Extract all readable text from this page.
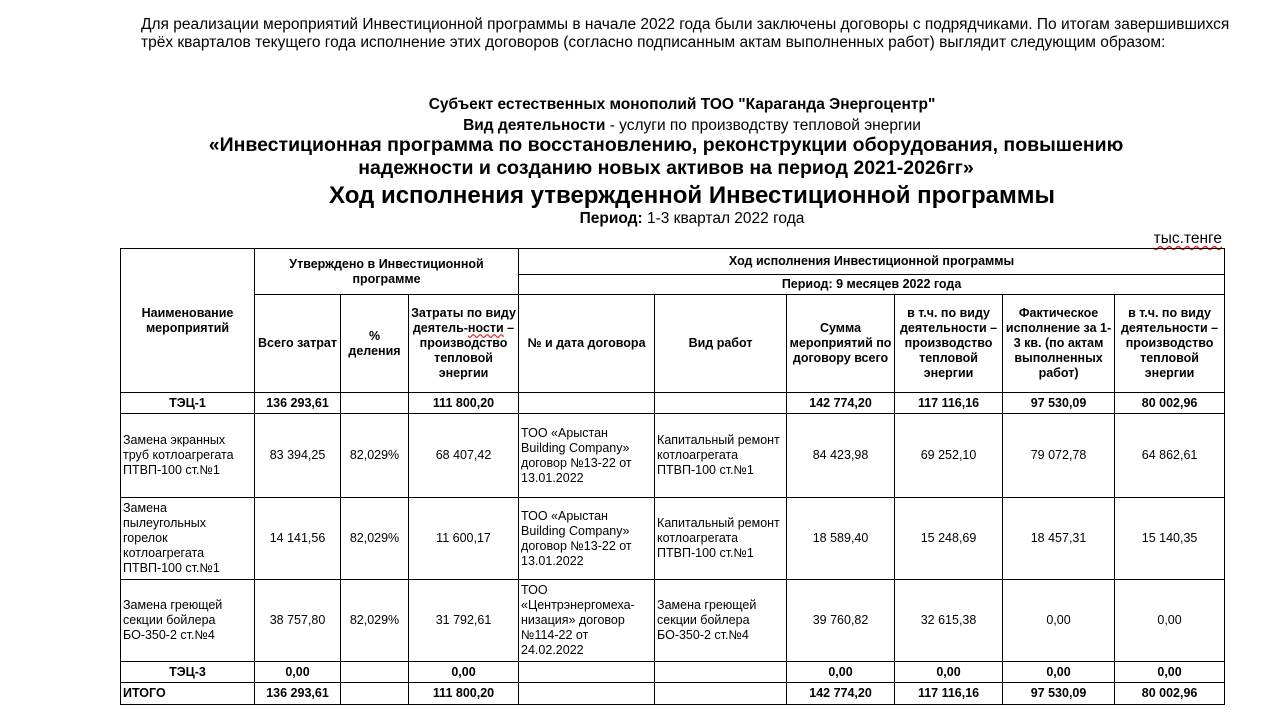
Для реализации мероприятий Инвестиционной программы в начале 2022 года были заключены договоры с подрядчиками. По итогам завершившихся трёх кварталов текущего года исполнение этих договоров (согласно подписанным актам выполненных работ) выглядит следующим образом:
Субъект естественных монополий ТОО "Караганда Энергоцентр"
Вид деятельности - услуги по производству тепловой энергии
«Инвестиционная программа по восстановлению, реконструкции оборудования, повышению
надежности и созданию новых активов на период 2021-2026гг»
Ход исполнения утвержденной Инвестиционной программы
Период: 1-3 квартал 2022 года
тыс.тенге
Наименование мероприятий	Утверждено в Инвестиционной программе			Ход исполнения Инвестиционной программы					
				Период: 9 месяцев 2022 года					
	Всего затрат	% деления	Затраты по виду деятель-ности – производство тепловой энергии	№ и дата договора	Вид работ	Сумма мероприятий по договору всего	в т.ч. по виду деятельности –производство тепловой энергии	Фактическое исполнение за 1-3 кв. (по актам выполненных работ)	в т.ч. по виду деятельности – производство тепловой энергии
ТЭЦ-1	136 293,61		111 800,20			142 774,20	117 116,16	97 530,09	80 002,96
Замена экранных труб котлоагрегата ПТВП-100 ст.№1	83 394,25	82,029%	68 407,42	ТОО «Арыстан Building Company» договор №13-22 от 13.01.2022	Капитальный ремонт котлоагрегата ПТВП-100 ст.№1	84 423,98	69 252,10	79 072,78	64 862,61
Замена пылеугольных горелок котлоагрегата ПТВП-100 ст.№1	14 141,56	82,029%	11 600,17	ТОО «Арыстан Building Company» договор №13-22 от 13.01.2022	Капитальный ремонт котлоагрегата ПТВП-100 ст.№1	18 589,40	15 248,69	18 457,31	15 140,35
Замена греющей секции бойлера БО-350-2 ст.№4	38 757,80	82,029%	31 792,61	ТОО «Центрэнергомеха-низация» договор №114-22 от 24.02.2022	Замена греющей секции бойлера БО-350-2 ст.№4	39 760,82	32 615,38	0,00	0,00
ТЭЦ-3	0,00		0,00			0,00	0,00	0,00	0,00
ИТОГО	136 293,61		111 800,20			142 774,20	117 116,16	97 530,09	80 002,96
